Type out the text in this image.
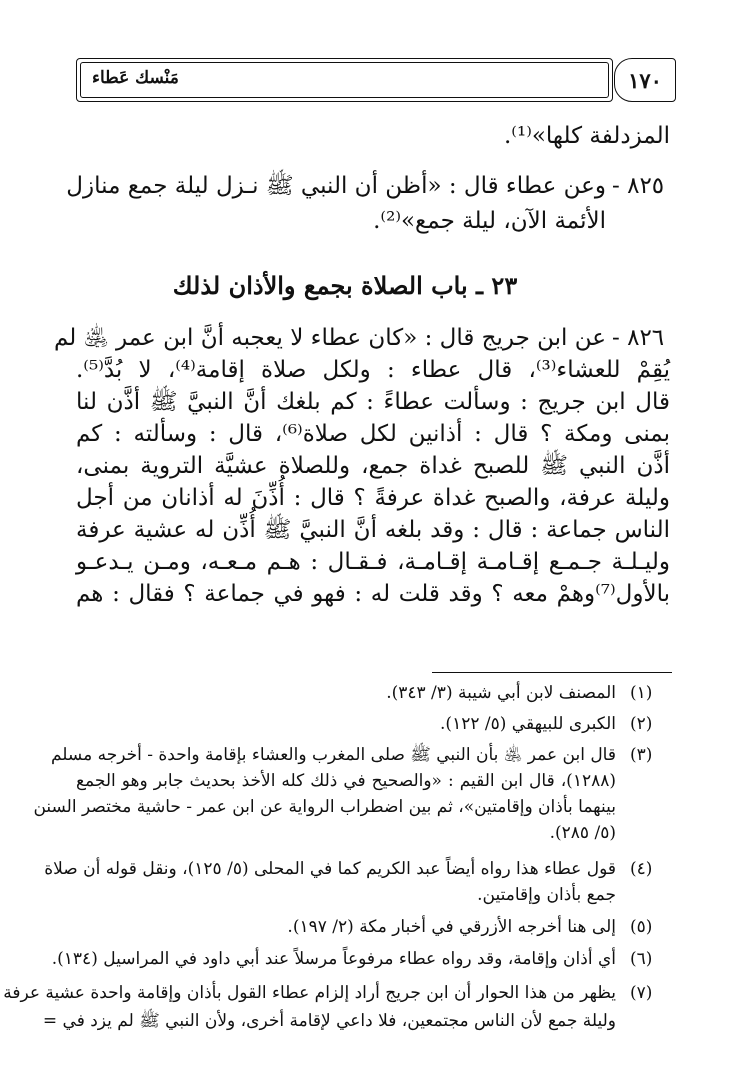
مَنْسك عَطاء	١٧٠
المزدلفة كلها»⁽¹⁾.
٨٢٥ -
وعن عطاء قال : «أظن أن النبي ﷺ نـزل ليلة جمع منازل
الأئمة الآن، ليلة جمع»⁽²⁾.
٢٣ ـ باب الصلاة بجمع والأذان لذلك
٨٢٦ -
عن ابن جريج قال : «كان عطاء لا يعجبه أنَّ ابن عمر ﵁ لم
يُقِمْ للعشاء⁽³⁾، قال عطاء : ولكل صلاة إقامة⁽⁴⁾، لا بُدَّ⁽⁵⁾.
قال ابن جريج : وسألت عطاءً : كم بلغك أنَّ النبيَّ ﷺ أذَّن لنا
بمنى ومكة ؟ قال : أذانين لكل صلاة⁽⁶⁾، قال : وسألته : كم
أذَّن النبي ﷺ للصبح غداة جمع، وللصلاة عشيَّة التروية بمنى،
وليلة عرفة، والصبح غداة عرفةً ؟ قال : أُذِّنَ له أذانان من أجل
الناس جماعة : قال : وقد بلغه أنَّ النبيَّ ﷺ أُذِّن له عشية عرفة
وليـلـة جـمـع إقـامـة إقـامـة، فـقـال : هـم مـعـه، ومـن يـدعـو
بالأول⁽⁷⁾وهمْ معه ؟ وقد قلت له : فهو في جماعة ؟ فقال : هم
(١)
المصنف لابن أبي شيبة (٣/ ٣٤٣).
(٢)
الكبرى للبيهقي (٥/ ١٢٢).
(٣)
قال ابن عمر ﵁ بأن النبي ﷺ صلى المغرب والعشاء بإقامة واحدة - أخرجه مسلم
(١٢٨٨)، قال ابن القيم : «والصحيح في ذلك كله الأخذ بحديث جابر وهو الجمع
بينهما بأذان وإقامتين»، ثم بين اضطراب الرواية عن ابن عمر - حاشية مختصر السنن
(٥/ ٢٨٥).
(٤)
قول عطاء هذا رواه أيضاً عبد الكريم كما في المحلى (٥/ ١٢٥)، ونقل قوله أن صلاة
جمع بأذان وإقامتين.
(٥)
إلى هنا أخرجه الأزرقي في أخبار مكة (٢/ ١٩٧).
(٦)
أي أذان وإقامة، وقد رواه عطاء مرفوعاً مرسلاً عند أبي داود في المراسيل (١٣٤).
(٧)
يظهر من هذا الحوار أن ابن جريج أراد إلزام عطاء القول بأذان وإقامة واحدة عشية عرفة
وليلة جمع لأن الناس مجتمعين، فلا داعي لإقامة أخرى، ولأن النبي ﷺ لم يزد في =
